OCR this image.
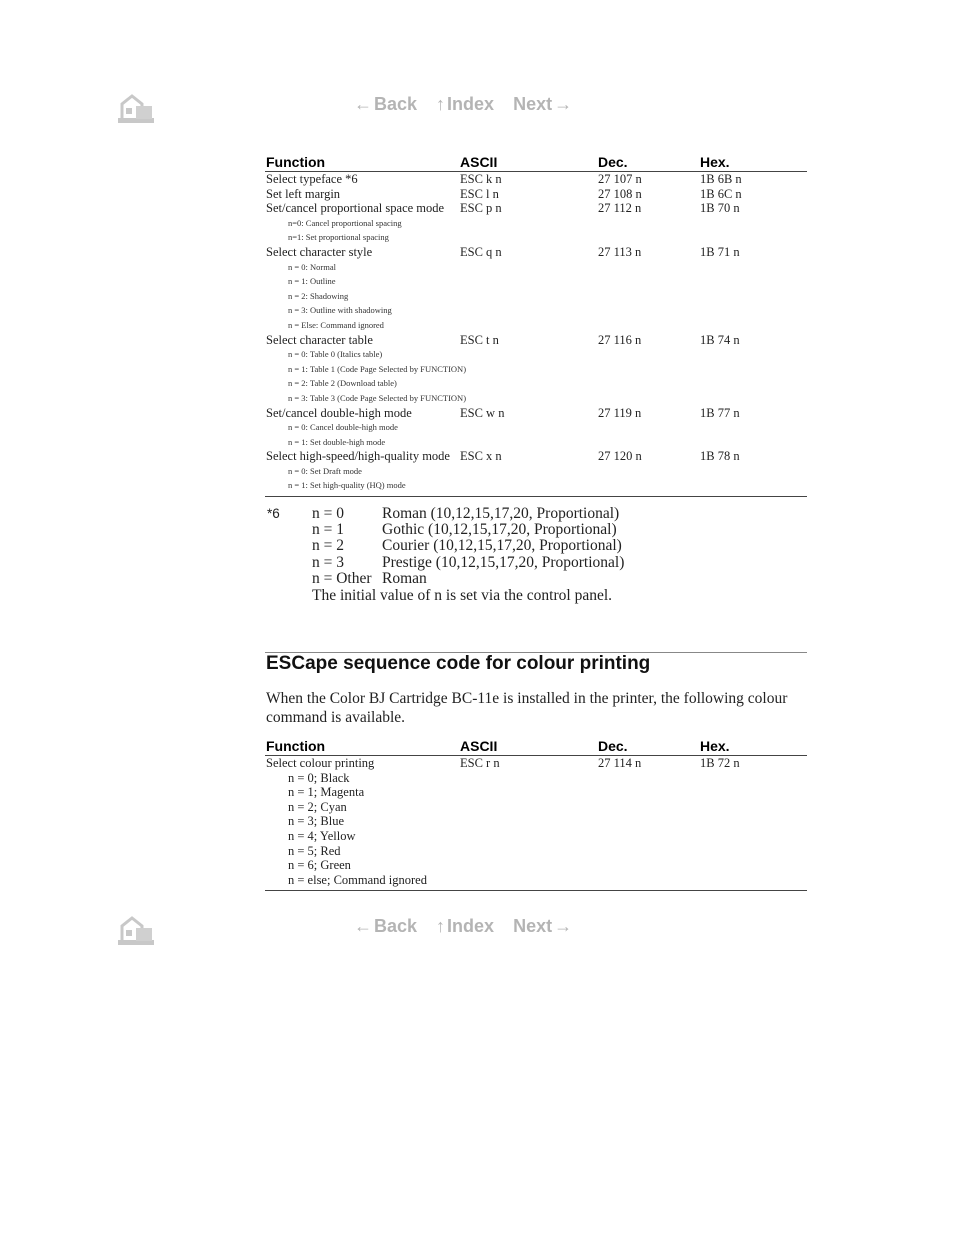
← Back ↑ Index Next →
Function	ASCII	Dec.	Hex.
Select typeface *6	ESC k n	27 107 n	1B 6B n
Set left margin	ESC l n	27 108 n	1B 6C n
Set/cancel proportional space mode	ESC p n	27 112 n	1B 70 n
n=0: Cancel proportional spacing			
n=1: Set proportional spacing			
Select character style	ESC q n	27 113 n	1B 71 n
n = 0: Normal			
n = 1: Outline			
n = 2: Shadowing			
n = 3: Outline with shadowing			
n = Else: Command ignored			
Select character table	ESC t n	27 116 n	1B 74 n
n = 0: Table 0 (Italics table)			
n = 1: Table 1 (Code Page Selected by FUNCTION)			
n = 2: Table 2 (Download table)			
n = 3: Table 3 (Code Page Selected by FUNCTION)			
Set/cancel double-high mode	ESC w n	27 119 n	1B 77 n
n = 0: Cancel double-high mode			
n = 1: Set double-high mode			
Select high-speed/high-quality mode	ESC x n	27 120 n	1B 78 n
n = 0: Set Draft mode			
n = 1: Set high-quality (HQ) mode			
*6 n = 0 Roman (10,12,15,17,20, Proportional)
n = 1 Gothic (10,12,15,17,20, Proportional)
n = 2 Courier (10,12,15,17,20, Proportional)
n = 3 Prestige (10,12,15,17,20, Proportional)
n = Other Roman
The initial value of n is set via the control panel.
ESCape sequence code for colour printing
When the Color BJ Cartridge BC-11e is installed in the printer, the following colour command is available.
Function	ASCII	Dec.	Hex.
Select colour printing	ESC r n	27 114 n	1B 72 n
n = 0; Black			
n = 1; Magenta			
n = 2; Cyan			
n = 3; Blue			
n = 4; Yellow			
n = 5; Red			
n = 6; Green			
n = else; Command ignored			
← Back ↑ Index Next →
